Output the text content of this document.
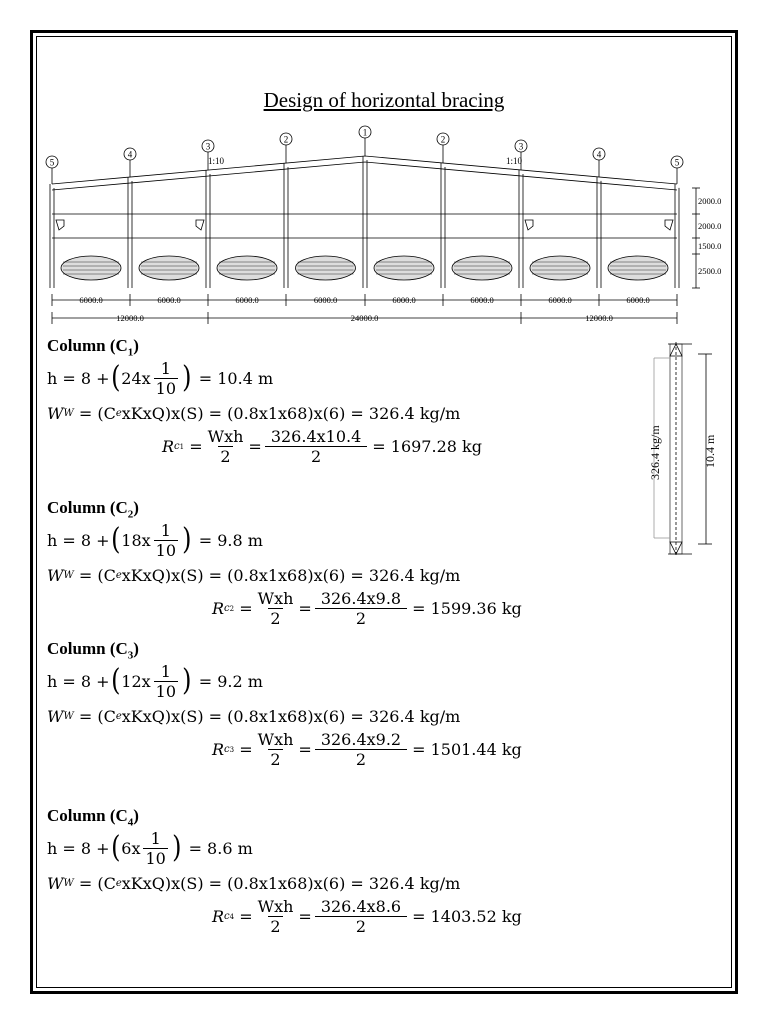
Design of horizontal bracing
5
4
3
2
1
2
3
4
5
1:10	1:10
6000.0	6000.0	6000.0	6000.0	6000.0	6000.0	6000.0	6000.0
12000.0	24000.0	12000.0
2000.0
2000.0
1500.0
2500.0
326.4 kg/m	10.4 m
Column $(C_1)$
h = 8 + ( $24x \frac{1}{10}$ ) = 10.4 m
W W
= (C e xKxQ)x(S) = (0.8x1x68)x(6) = 326.4 kg/m
R c1
= $\frac{\text{Wxh}}{2} = \frac{326.4x10.4}{2} = 1697.28$ kg
Column $(C_2)$
h = 8 + ( $18x \frac{1}{10}$ ) = 9.8 m
W W
= (C e xKxQ)x(S) = (0.8x1x68)x(6) = 326.4 kg/m
R c2
= $\frac{\text{Wxh}}{2} = \frac{326.4x9.8}{2} = 1599.36$ kg
Column $(C_3)$
h = 8 + ( $12x \frac{1}{10}$ ) = 9.2 m
W W
= (C e xKxQ)x(S) = (0.8x1x68)x(6) = 326.4 kg/m
R c3
= $\frac{\text{Wxh}}{2} = \frac{326.4x9.2}{2} = 1501.44$ kg
Column $(C_4)$
h = 8 + ( $6x \frac{1}{10}$ ) = 8.6 m
W W
= (C e xKxQ)x(S) = (0.8x1x68)x(6) = 326.4 kg/m
R c4
= $\frac{\text{Wxh}}{2} = \frac{326.4x8.6}{2} = 1403.52$ kg
